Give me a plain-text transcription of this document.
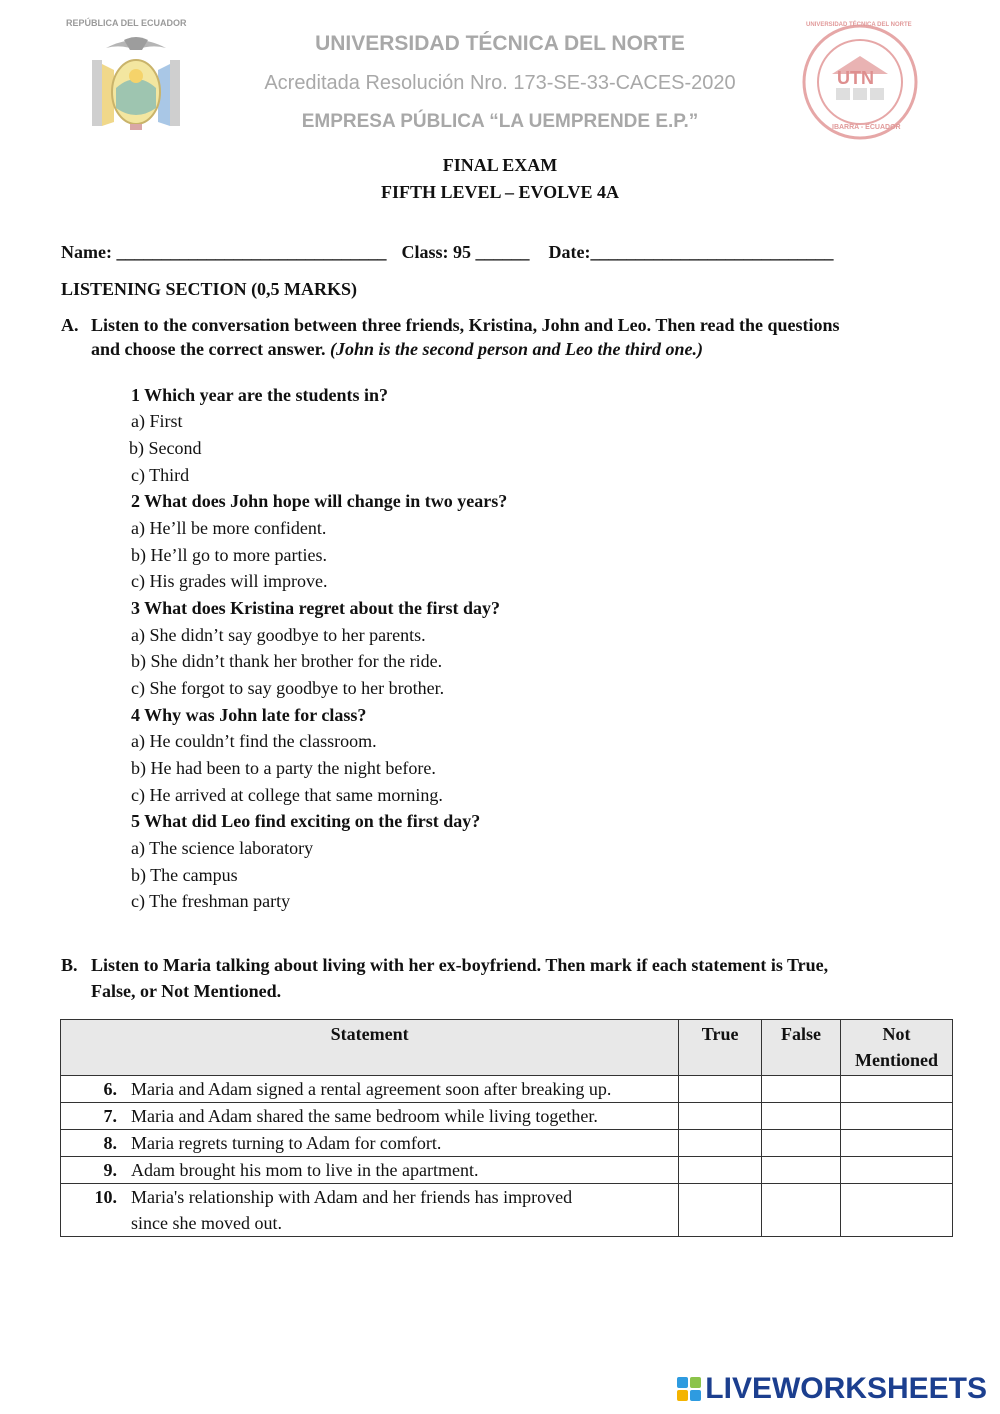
REPÚBLICA DEL ECUADOR
UNIVERSIDAD TÉCNICA DEL NORTE
Acreditada Resolución Nro. 173-SE-33-CACES-2020
EMPRESA PÚBLICA “LA UEMPRENDE E.P.”
UNIVERSIDAD TÉCNICA DEL NORTE
UTN
IBARRA - ECUADOR
FINAL EXAM
FIFTH LEVEL – EVOLVE 4A
Name: ______________________________ Class: 95 ______ Date:___________________________
LISTENING SECTION (0,5 MARKS)
A. Listen to the conversation between three friends, Kristina, John and Leo. Then read the questions
and choose the correct answer. (John is the second person and Leo the third one.)
1 Which year are the students in?
a) First
b) Second
c) Third
2 What does John hope will change in two years?
a) He’ll be more confident.
b) He’ll go to more parties.
c) His grades will improve.
3 What does Kristina regret about the first day?
a) She didn’t say goodbye to her parents.
b) She didn’t thank her brother for the ride.
c) She forgot to say goodbye to her brother.
4 Why was John late for class?
a) He couldn’t find the classroom.
b) He had been to a party the night before.
c) He arrived at college that same morning.
5 What did Leo find exciting on the first day?
a) The science laboratory
b) The campus
c) The freshman party
B. Listen to Maria talking about living with her ex-boyfriend. Then mark if each statement is True,
False, or Not Mentioned.
Statement	True	False	Not
Mentioned

6. Maria and Adam signed a rental agreement soon after breaking up.			

7. Maria and Adam shared the same bedroom while living together.			

8. Maria regrets turning to Adam for comfort.			

9. Adam brought his mom to live in the apartment.			

10. Maria's relationship with Adam and her friends has improved
since she moved out.			

LIVEWORKSHEETS
